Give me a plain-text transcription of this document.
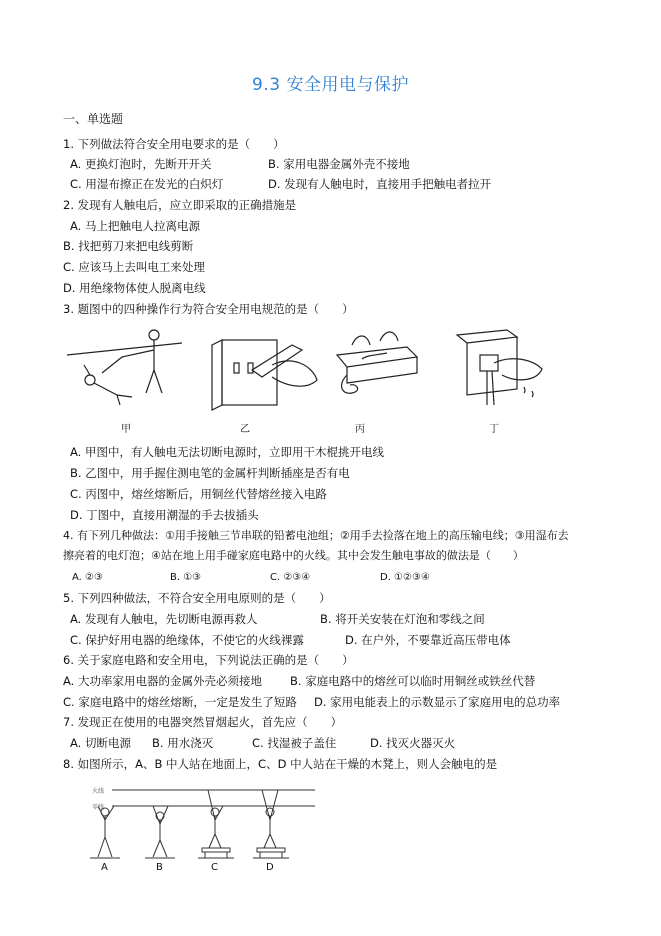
9.3 安全用电与保护
一、单选题
1. 下列做法符合安全用电要求的是（　　）
A. 更换灯泡时，先断开开关	B. 家用电器金属外壳不接地
C. 用湿布擦正在发光的白炽灯	D. 发现有人触电时，直接用手把触电者拉开
2. 发现有人触电后，应立即采取的正确措施是
A. 马上把触电人拉离电源
B. 找把剪刀来把电线剪断
C. 应该马上去叫电工来处理
D. 用绝缘物体使人脱离电线
3. 题图中的四种操作行为符合安全用电规范的是（　　）
甲	乙	丙	丁
A. 甲图中，有人触电无法切断电源时，立即用干木棍挑开电线
B. 乙图中，用手握住测电笔的金属杆判断插座是否有电
C. 丙图中，熔丝熔断后，用铜丝代替熔丝接入电路
D. 丁图中，直接用潮湿的手去拔插头
4. 有下列几种做法：①用手接触三节串联的铅蓄电池组；②用手去捡落在地上的高压输电线；③用湿布去
擦亮着的电灯泡；④站在地上用手碰家庭电路中的火线。其中会发生触电事故的做法是（　　）
A. ②③	B. ①③	C. ②③④	D. ①②③④
5. 下列四种做法，不符合安全用电原则的是（　　）
A. 发现有人触电，先切断电源再救人	B. 将开关安装在灯泡和零线之间
C. 保护好用电器的绝缘体，不使它的火线裸露	D. 在户外，不要靠近高压带电体
6. 关于家庭电路和安全用电，下列说法正确的是（　　）
A. 大功率家用电器的金属外壳必须接地 B. 家庭电路中的熔丝可以临时用铜丝或铁丝代替
C. 家庭电路中的熔丝熔断，一定是发生了短路 D. 家用电能表上的示数显示了家庭用电的总功率
7. 发现正在使用的电器突然冒烟起火，首先应（　　）
A. 切断电源 B. 用水浇灭	C. 找湿被子盖住	D. 找灭火器灭火
8. 如图所示，A、B 中人站在地面上，C、D 中人站在干燥的木凳上，则人会触电的是
火线
零线
A	B	C	D
